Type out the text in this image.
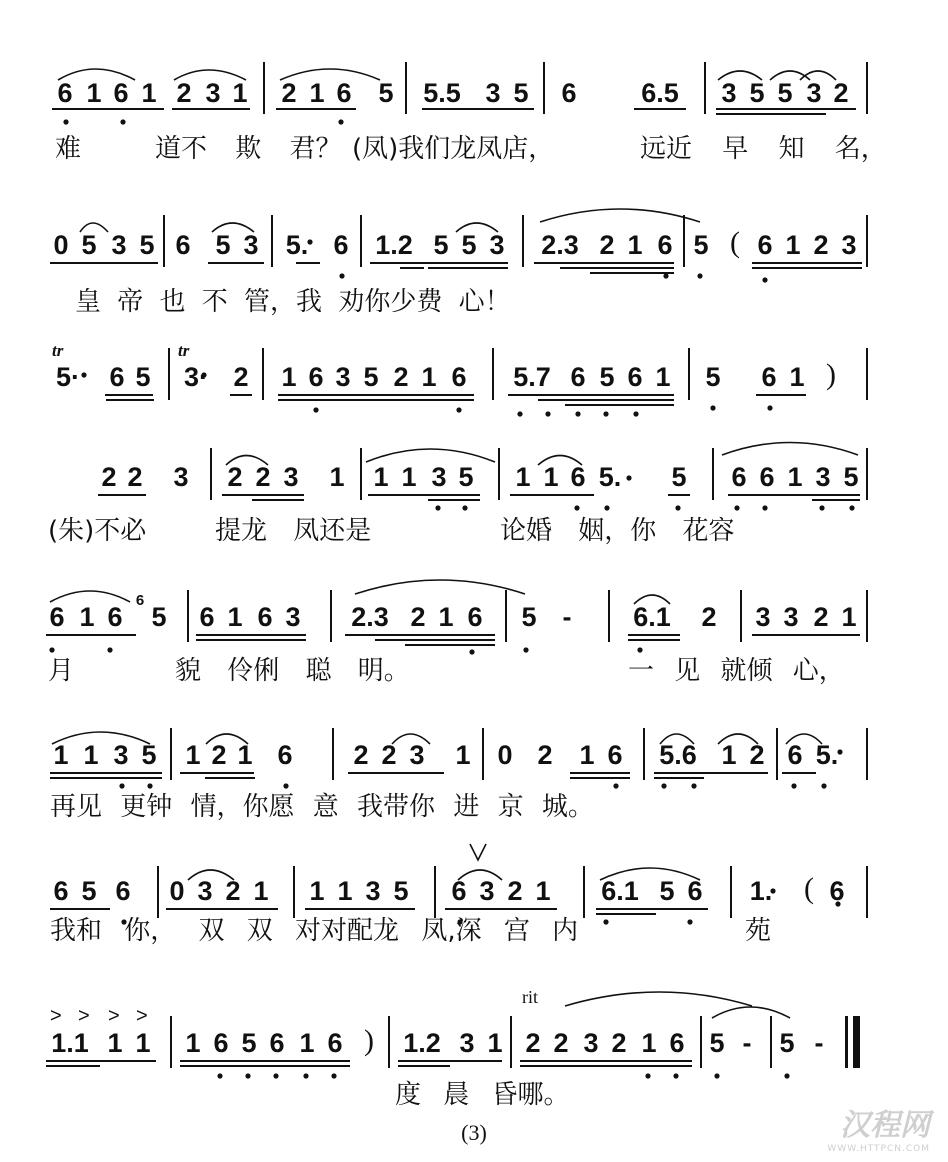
6 1 6 1 2 3 1 2 1 6 5 5.5 3 5 6 6.5 3 5 5 3 2
难	道不 欺 君？ (凤)我们龙凤店，	远近 早 知 名，
0 5 3 5 6 5 3 5. 6 1.2 5 5 3 2.3 2 1 6 5 ( 6 1 2 3
皇 帝 也 不 管，我 劝你少费 心！
tr	tr
5· 6 5 3· 2 1 6 3 5 2 1 6 5.7 6 5 6 1 5 6 1 )
2 2 3 2 2 3 1 1 1 3 5 1 1 6 5. 5 6 6 1 3 5
(朱)不必	提龙 凤还是	论婚 姻，你 花容
6 1 6
6
5 6 1 6 3 2.3 2 1 6 5 - 6.1 2 3 3 2 1
月	貌 伶俐 聪 明。	一 见 就倾 心，
1 1 3 5 1 2 1 6 2 2 3 1 0 2 1 6 5.6 1 2 6 5.
再见 更钟 情，你愿 意 我带你 进 京 城。
6 5 6 0 3 2 1 1 1 3 5 6 3 2 1 6.1 5 6 1. ( 6
我和 你， 双 双 对对配龙 凤,深 宫 内	苑
rit
> > > >
1.1 1 1 1 6 5 6 1 6 ) 1.2 3 1 2 2 3 2 1 6 5 - 5 -
度 晨 昏哪。
(3)	汉程网
WWW.HTTPCN.COM
